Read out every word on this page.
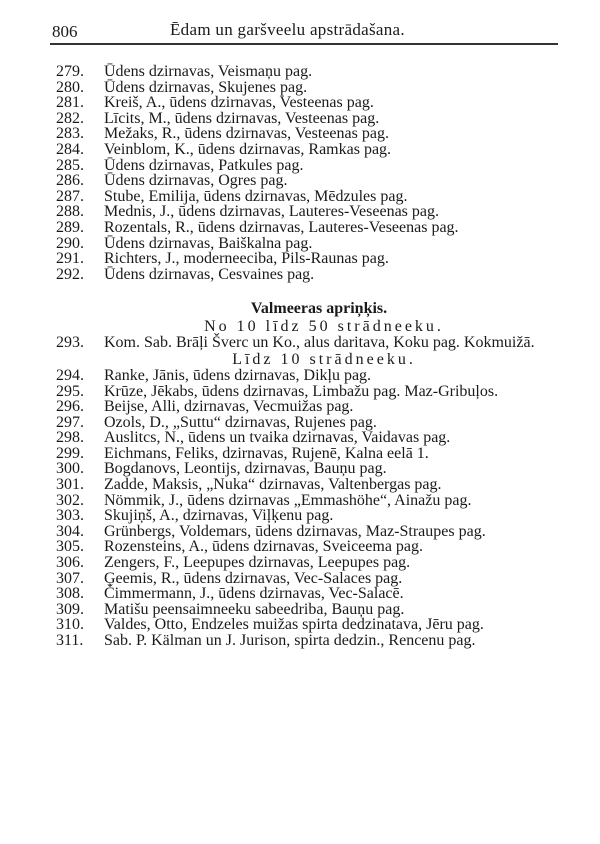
806	Ēdam un garšveelu apstrādašana.
279.	Ūdens dzirnavas, Veismaņu pag.
280.	Ūdens dzirnavas, Skujenes pag.
281.	Kreiš, A., ūdens dzirnavas, Vesteenas pag.
282.	Līcits, M., ūdens dzirnavas, Vesteenas pag.
283.	Mežaks, R., ūdens dzirnavas, Vesteenas pag.
284.	Veinblom, K., ūdens dzirnavas, Ramkas pag.
285.	Ūdens dzirnavas, Patkules pag.
286.	Ūdens dzirnavas, Ogres pag.
287.	Stube, Emilija, ūdens dzirnavas, Mēdzules pag.
288.	Mednis, J., ūdens dzirnavas, Lauteres-Veseenas pag.
289.	Rozentals, R., ūdens dzirnavas, Lauteres-Veseenas pag.
290.	Ūdens dzirnavas, Baiškalna pag.
291.	Richters, J., moderneeciba, Pils-Raunas pag.
292.	Ūdens dzirnavas, Cesvaines pag.
Valmeeras apriņķis.
No 10 līdz 50 strādneeku.
293.	Kom. Sab. Brāļi Šverc un Ko., alus daritava, Koku pag. Kokmuižā.
Līdz 10 strādneeku.
294.	Ranke, Jānis, ūdens dzirnavas, Dikļu pag.
295.	Krūze, Jēkabs, ūdens dzirnavas, Limbažu pag. Maz-Gribuļos.
296.	Beijse, Alli, dzirnavas, Vecmuižas pag.
297.	Ozols, D., „Suttu“ dzirnavas, Rujenes pag.
298.	Auslitcs, N., ūdens un tvaika dzirnavas, Vaidavas pag.
299.	Eichmans, Feliks, dzirnavas, Rujenē, Kalna eelā 1.
300.	Bogdanovs, Leontijs, dzirnavas, Bauņu pag.
301.	Zadde, Maksis, „Nuka“ dzirnavas, Valtenbergas pag.
302.	Nömmik, J., ūdens dzirnavas „Emmashöhe“, Ainažu pag.
303.	Skujiņš, A., dzirnavas, Viļķenu pag.
304.	Grünbergs, Voldemars, ūdens dzirnavas, Maz-Straupes pag.
305.	Rozensteins, A., ūdens dzirnavas, Sveiceema pag.
306.	Zengers, F., Leepupes dzirnavas, Leepupes pag.
307.	Ģeemis, R., ūdens dzirnavas, Vec-Salaces pag.
308.	Čimmermann, J., ūdens dzirnavas, Vec-Salacē.
309.	Matišu peensaimneeku sabeedriba, Bauņu pag.
310.	Valdes, Otto, Endzeles muižas spirta dedzinatava, Jēru pag.
311.	Sab. P. Kälman un J. Jurison, spirta dedzin., Rencenu pag.
